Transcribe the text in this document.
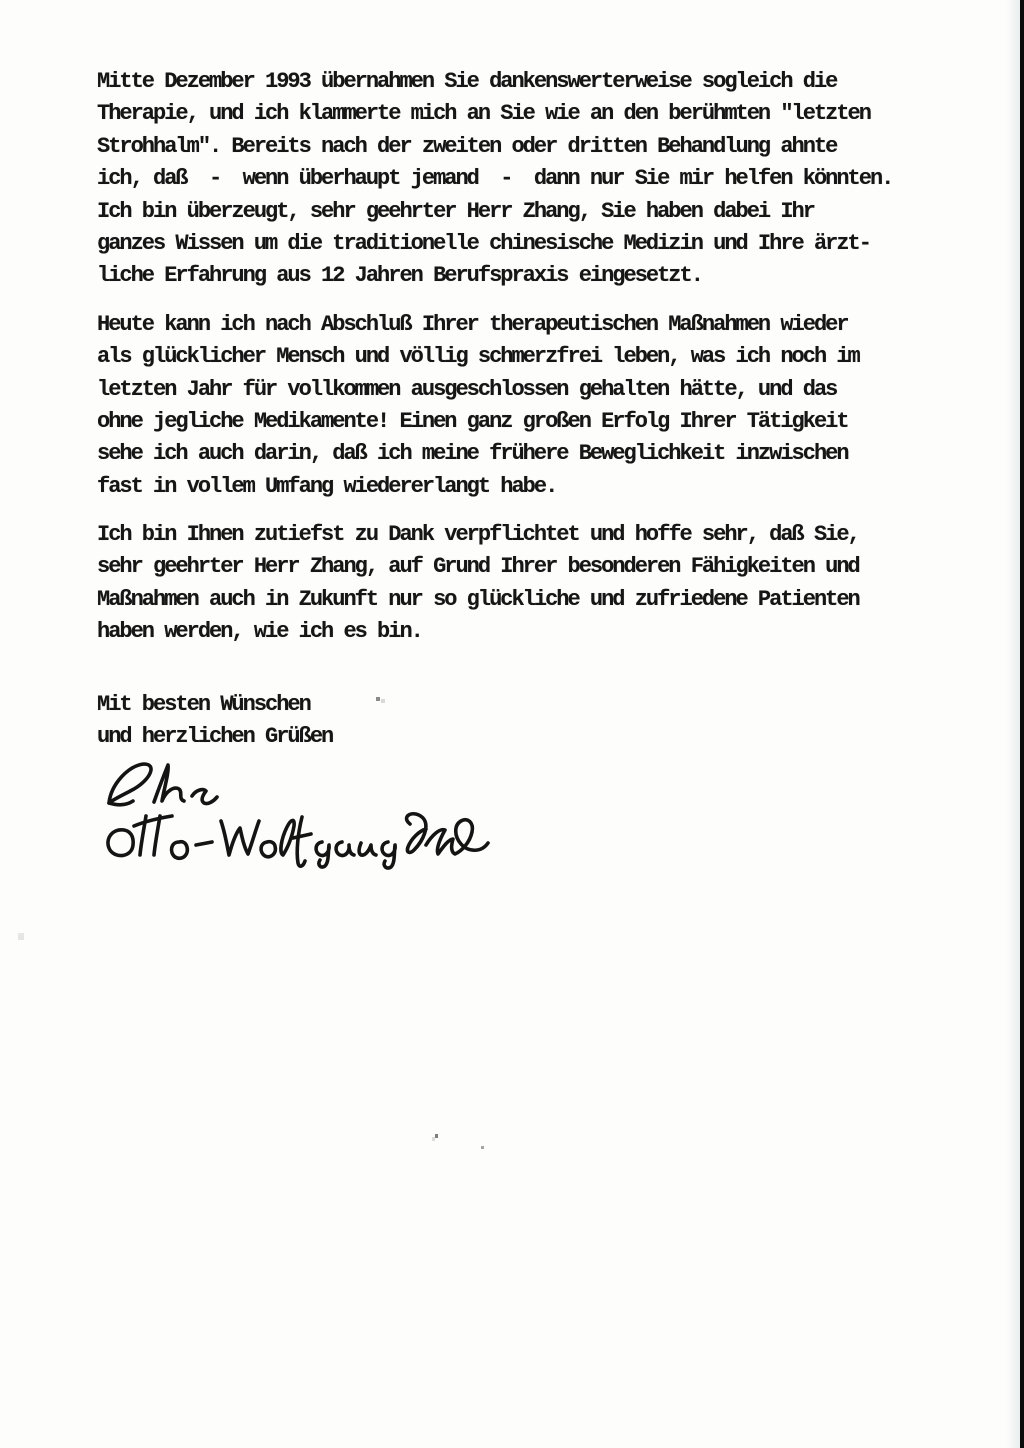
Mitte Dezember 1993 übernahmen Sie dankenswerterweise sogleich die
Therapie, und ich klammerte mich an Sie wie an den berühmten "letzten
Strohhalm". Bereits nach der zweiten oder dritten Behandlung ahnte
ich, daß  -  wenn überhaupt jemand  -  dann nur Sie mir helfen könnten.
Ich bin überzeugt, sehr geehrter Herr Zhang, Sie haben dabei Ihr
ganzes Wissen um die traditionelle chinesische Medizin und Ihre ärzt-
liche Erfahrung aus 12 Jahren Berufspraxis eingesetzt.
Heute kann ich nach Abschluß Ihrer therapeutischen Maßnahmen wieder
als glücklicher Mensch und völlig schmerzfrei leben, was ich noch im
letzten Jahr für vollkommen ausgeschlossen gehalten hätte, und das
ohne jegliche Medikamente! Einen ganz großen Erfolg Ihrer Tätigkeit
sehe ich auch darin, daß ich meine frühere Beweglichkeit inzwischen
fast in vollem Umfang wiedererlangt habe.
Ich bin Ihnen zutiefst zu Dank verpflichtet und hoffe sehr, daß Sie,
sehr geehrter Herr Zhang, auf Grund Ihrer besonderen Fähigkeiten und
Maßnahmen auch in Zukunft nur so glückliche und zufriedene Patienten
haben werden, wie ich es bin.
Mit besten Wünschen
und herzlichen Grüßen
